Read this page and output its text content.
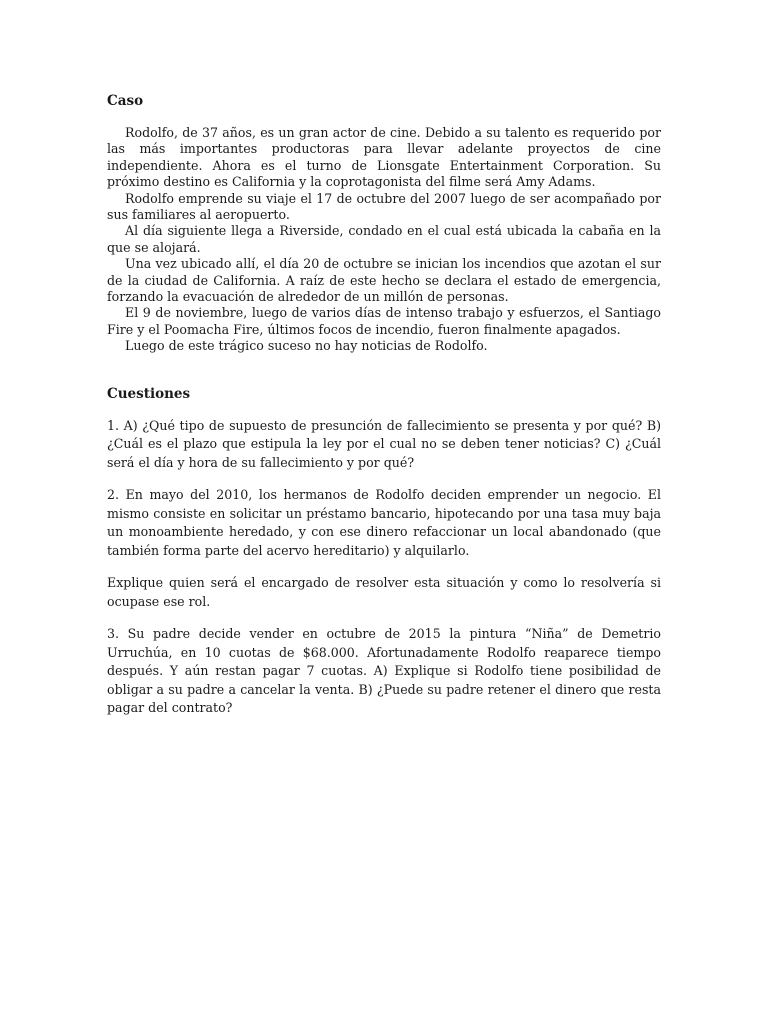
Caso

Rodolfo, de 37 años, es un gran actor de cine. Debido a su talento es requerido por las más importantes productoras para llevar adelante proyectos de cine independiente. Ahora es el turno de Lionsgate Entertainment Corporation. Su próximo destino es California y la coprotagonista del filme será Amy Adams.

Rodolfo emprende su viaje el 17 de octubre del 2007 luego de ser acompañado por sus familiares al aeropuerto.

Al día siguiente llega a Riverside, condado en el cual está ubicada la cabaña en la que se alojará.

Una vez ubicado allí, el día 20 de octubre se inician los incendios que azotan el sur de la ciudad de California. A raíz de este hecho se declara el estado de emergencia, forzando la evacuación de alrededor de un millón de personas.

El 9 de noviembre, luego de varios días de intenso trabajo y esfuerzos, el Santiago Fire y el Poomacha Fire, últimos focos de incendio, fueron finalmente apagados.

Luego de este trágico suceso no hay noticias de Rodolfo.

Cuestiones

1. A) ¿Qué tipo de supuesto de presunción de fallecimiento se presenta y por qué? B) ¿Cuál es el plazo que estipula la ley por el cual no se deben tener noticias? C) ¿Cuál será el día y hora de su fallecimiento y por qué?

2. En mayo del 2010, los hermanos de Rodolfo deciden emprender un negocio. El mismo consiste en solicitar un préstamo bancario, hipotecando por una tasa muy baja un monoambiente heredado, y con ese dinero refaccionar un local abandonado (que también forma parte del acervo hereditario) y alquilarlo.

Explique quien será el encargado de resolver esta situación y como lo resolvería si ocupase ese rol.

3. Su padre decide vender en octubre de 2015 la pintura “Niña” de Demetrio Urruchúa, en 10 cuotas de $68.000. Afortunadamente Rodolfo reaparece tiempo después. Y aún restan pagar 7 cuotas. A) Explique si Rodolfo tiene posibilidad de obligar a su padre a cancelar la venta. B) ¿Puede su padre retener el dinero que resta pagar del contrato?
